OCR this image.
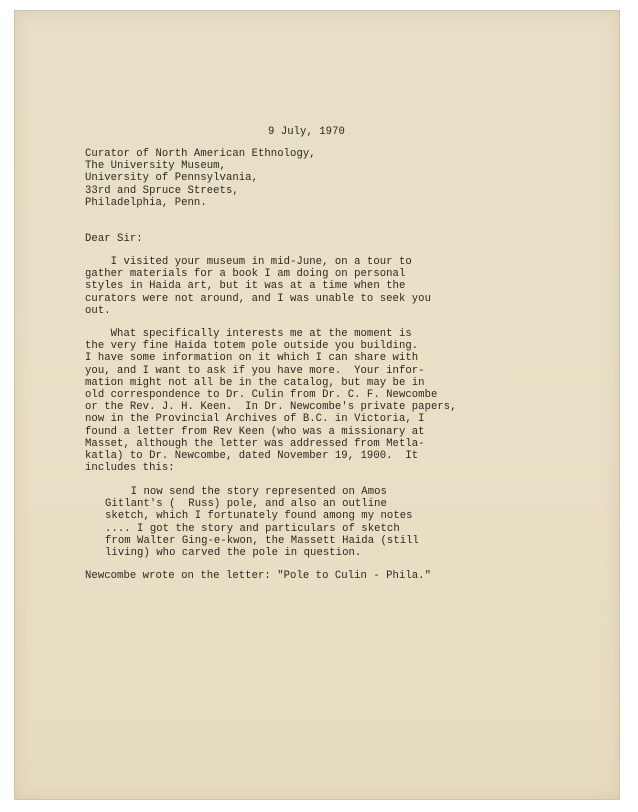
9 July, 1970

Curator of North American Ethnology,
The University Museum,
University of Pennsylvania,
33rd and Spruce Streets,
Philadelphia, Penn.

Dear Sir:

I visited your museum in mid-June, on a tour to
gather materials for a book I am doing on personal
styles in Haida art, but it was at a time when the
curators were not around, and I was unable to seek you
out.
What specifically interests me at the moment is
the very fine Haida totem pole outside you building.
I have some information on it which I can share with
you, and I want to ask if you have more.  Your infor-
mation might not all be in the catalog, but may be in
old correspondence to Dr. Culin from Dr. C. F. Newcombe
or the Rev. J. H. Keen.  In Dr. Newcombe's private papers,
now in the Provincial Archives of B.C. in Victoria, I
found a letter from Rev Keen (who was a missionary at
Masset, although the letter was addressed from Metla-
katla) to Dr. Newcombe, dated November 19, 1900.  It
includes this:
I now send the story represented on Amos
Gitlant's (  Russ) pole, and also an outline
sketch, which I fortunately found among my notes
.... I got the story and particulars of sketch
from Walter Ging-e-kwon, the Massett Haida (still
living) who carved the pole in question.

Newcombe wrote on the letter: "Pole to Culin - Phila."
